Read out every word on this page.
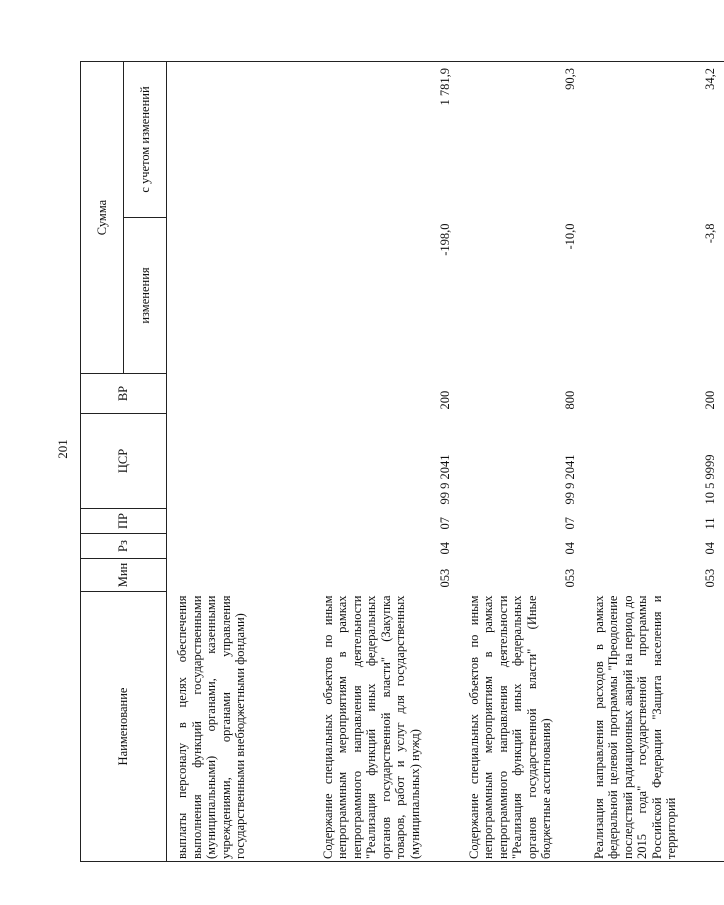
201
Наименование	Мин	Рз	ПР	ЦСР	ВР	Сумма	
						изменения	с учетом изменений
выплаты персоналу в целях обеспечения выполнения функций государственными (муниципальными) органами, казенными учреждениями, органами управления государственными внебюджетными фондами)							
Содержание специальных объектов по иным непрограммным мероприятиям в рамках непрограммного направления деятельности "Реализация функций иных федеральных органов государственной власти" (Закупка товаров, работ и услуг для государственных (муниципальных) нужд)	053	04	07	99 9 2041	200	-198,0	1 781,9
Содержание специальных объектов по иным непрограммным мероприятиям в рамках непрограммного направления деятельности "Реализация функций иных федеральных органов государственной власти" (Иные бюджетные ассигнования)	053	04	07	99 9 2041	800	-10,0	90,3
Реализация направления расходов в рамках федеральной целевой программы "Преодоление последствий радиационных аварий на период до 2015 года" государственной программы Российской Федерации "Защита населения и территорий	053	04	11	10 5 9999	200	-3,8	34,2
